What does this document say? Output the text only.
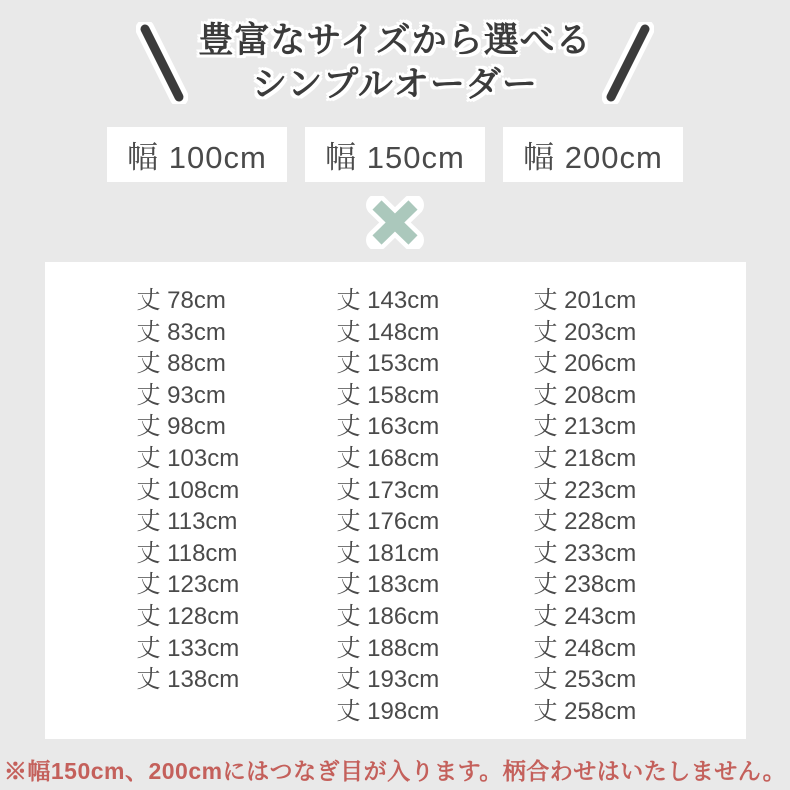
豊富なサイズから選べる
シンプルオーダー
幅 100cm 幅 150cm 幅 200cm
丈 78cm
丈 83cm
丈 88cm
丈 93cm
丈 98cm
丈 103cm
丈 108cm
丈 113cm
丈 118cm
丈 123cm
丈 128cm
丈 133cm
丈 138cm
丈 143cm
丈 148cm
丈 153cm
丈 158cm
丈 163cm
丈 168cm
丈 173cm
丈 176cm
丈 181cm
丈 183cm
丈 186cm
丈 188cm
丈 193cm
丈 198cm
丈 201cm
丈 203cm
丈 206cm
丈 208cm
丈 213cm
丈 218cm
丈 223cm
丈 228cm
丈 233cm
丈 238cm
丈 243cm
丈 248cm
丈 253cm
丈 258cm
※幅150cm、200cmにはつなぎ目が入ります。柄合わせはいたしません。
